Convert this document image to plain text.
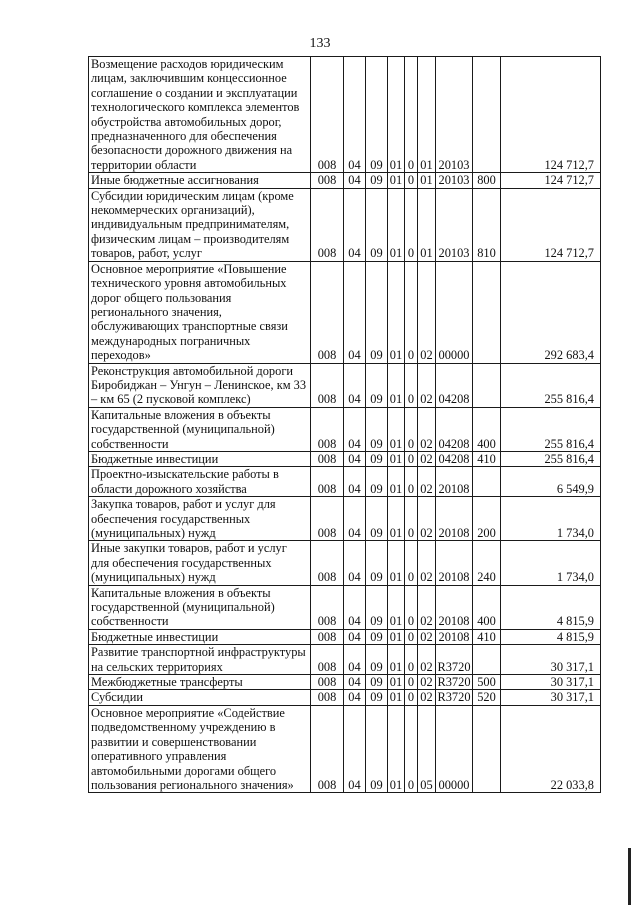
133
Возмещение расходов юридическим лицам, заключившим концессионное соглашение о создании и эксплуатации технологического комплекса элементов обустройства автомобильных дорог, предназначенного для обеспечения безопасности дорожного движения на территории области	008	04	09	01	0	01	20103		124 712,7
Иные бюджетные ассигнования	008	04	09	01	0	01	20103	800	124 712,7
Субсидии юридическим лицам (кроме некоммерческих организаций), индивидуальным предпринимателям, физическим лицам – производителям товаров, работ, услуг	008	04	09	01	0	01	20103	810	124 712,7
Основное мероприятие «Повышение технического уровня автомобильных дорог общего пользования регионального значения, обслуживающих транспортные связи международных пограничных переходов»	008	04	09	01	0	02	00000		292 683,4
Реконструкция автомобильной дороги Биробиджан – Унгун – Ленинское, км 33 – км 65 (2 пусковой комплекс)	008	04	09	01	0	02	04208		255 816,4
Капитальные вложения в объекты государственной (муниципальной) собственности	008	04	09	01	0	02	04208	400	255 816,4
Бюджетные инвестиции	008	04	09	01	0	02	04208	410	255 816,4
Проектно-изыскательские работы в области дорожного хозяйства	008	04	09	01	0	02	20108		6 549,9
Закупка товаров, работ и услуг для обеспечения государственных (муниципальных) нужд	008	04	09	01	0	02	20108	200	1 734,0
Иные закупки товаров, работ и услуг для обеспечения государственных (муниципальных) нужд	008	04	09	01	0	02	20108	240	1 734,0
Капитальные вложения в объекты государственной (муниципальной) собственности	008	04	09	01	0	02	20108	400	4 815,9
Бюджетные инвестиции	008	04	09	01	0	02	20108	410	4 815,9
Развитие транспортной инфраструктуры на сельских территориях	008	04	09	01	0	02	R3720		30 317,1
Межбюджетные трансферты	008	04	09	01	0	02	R3720	500	30 317,1
Субсидии	008	04	09	01	0	02	R3720	520	30 317,1
Основное мероприятие «Содействие подведомственному учреждению в развитии и совершенствовании оперативного управления автомобильными дорогами общего пользования регионального значения»	008	04	09	01	0	05	00000		22 033,8
